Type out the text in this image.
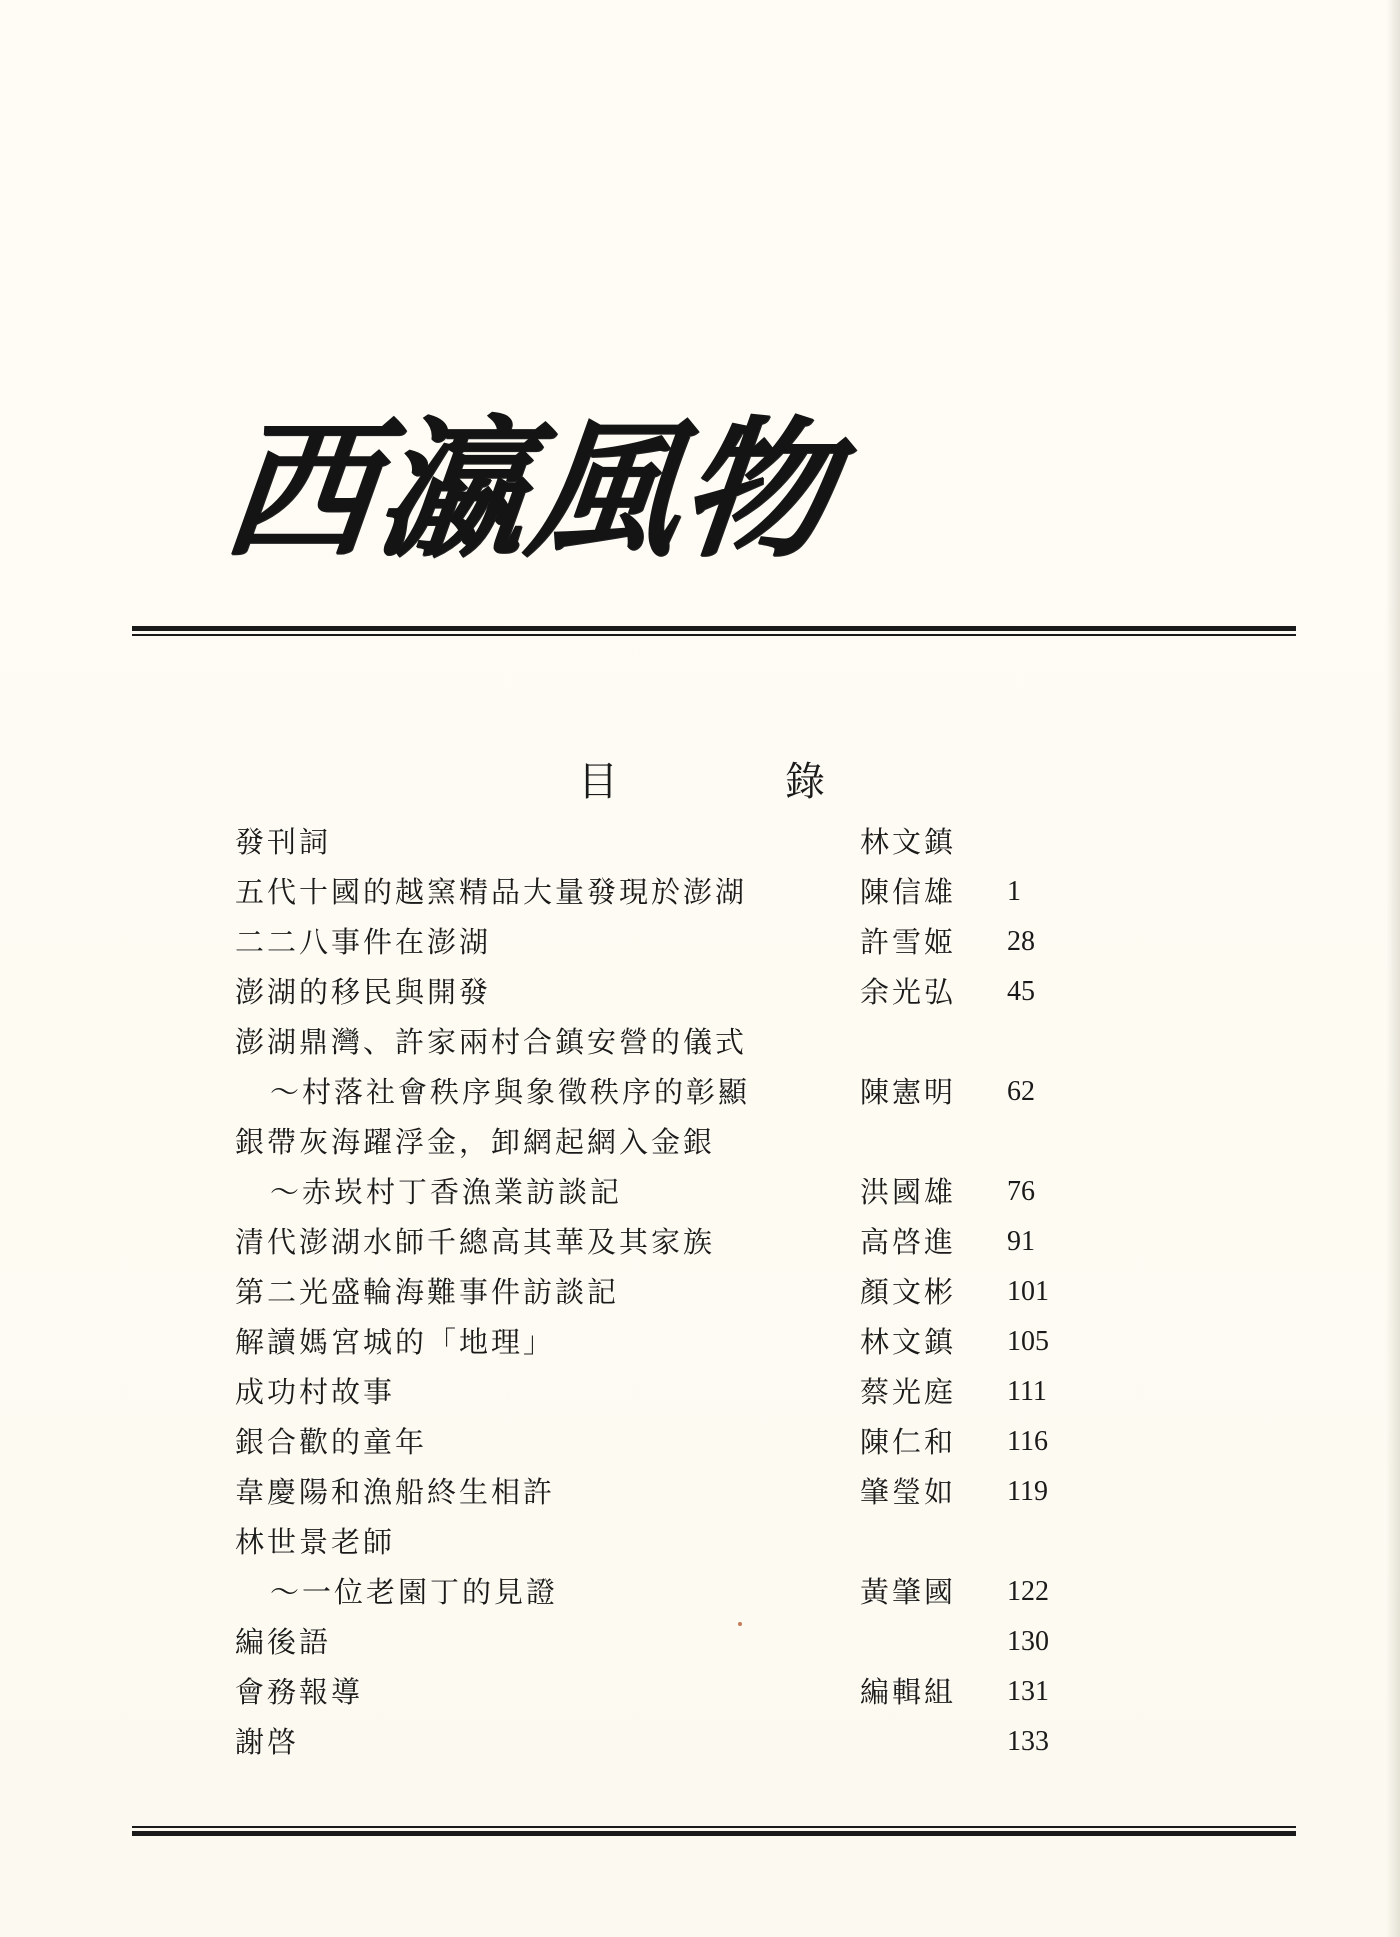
西
瀛
風
物
目	錄
發刊詞	林文鎮
五代十國的越窯精品大量發現於澎湖	陳信雄 1
二二八事件在澎湖	許雪姬 28
澎湖的移民與開發	余光弘 45
澎湖鼎灣、許家兩村合鎮安營的儀式
～村落社會秩序與象徵秩序的彰顯	陳憲明 62
銀帶灰海躍浮金，卸網起網入金銀
～赤崁村丁香漁業訪談記	洪國雄 76
清代澎湖水師千總高其華及其家族	高啓進 91
第二光盛輪海難事件訪談記	顏文彬 101
解讀媽宮城的「地理」	林文鎮 105
成功村故事	蔡光庭 111
銀合歡的童年	陳仁和 116
韋慶陽和漁船終生相許	肇瑩如 119
林世景老師
～一位老園丁的見證	黃肇國 122
編後語	130
會務報導	編輯組 131
謝啓	133
